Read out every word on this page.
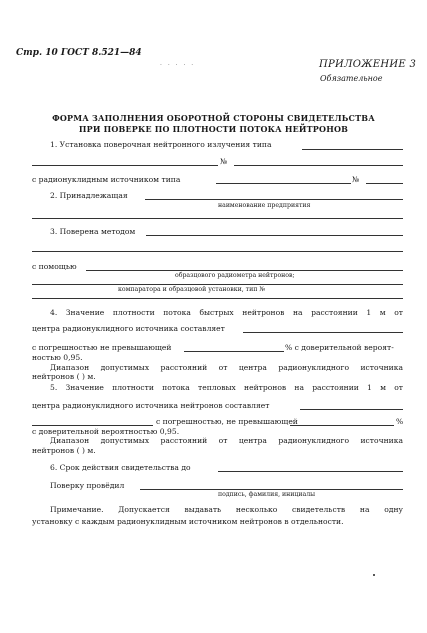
Стр. 10 ГОСТ 8.521—84
· · · · ·	ПРИЛОЖЕНИЕ 3
Обязательное
ФОРМА ЗАПОЛНЕНИЯ ОБОРОТНОЙ СТОРОНЫ СВИДЕТЕЛЬСТВА
ПРИ ПОВЕРКЕ ПО ПЛОТНОСТИ ПОТОКА НЕЙТРОНОВ
1. Установка поверочная нейтронного излучения типа
№
с радионуклидным источником типа	№
2. Принадлежащая
наименование предприятия
3. Поверена методом
с помощью
образцового радиометра нейтронов;
компаратора и образцовой установки, тип №
4. Значение плотности потока быстрых нейтронов на расстоянии 1 м от
центра радионуклидного источника составляет
с погрешностью не превышающей	% с доверительной вероят-
ностью 0,95.
Диапазон допустимых расстояний от центра радионуклидного источника
нейтронов ( ) м.
5. Значение плотности потока тепловых нейтронов на расстоянии 1 м от
центра радионуклидного источника нейтронов составляет
с погрешностью, не превышающей	%
с доверительной вероятностью 0,95.
Диапазон допустимых расстояний от центра радионуклидного источника
нейтронов ( ) м.
6. Срок действия свидетельства до
Поверку провёдил
подпись, фамилия, инициалы
Примечание. Допускается выдавать несколько свидетельств на одну
установку с каждым радионуклидным источником нейтронов в отдельности.
